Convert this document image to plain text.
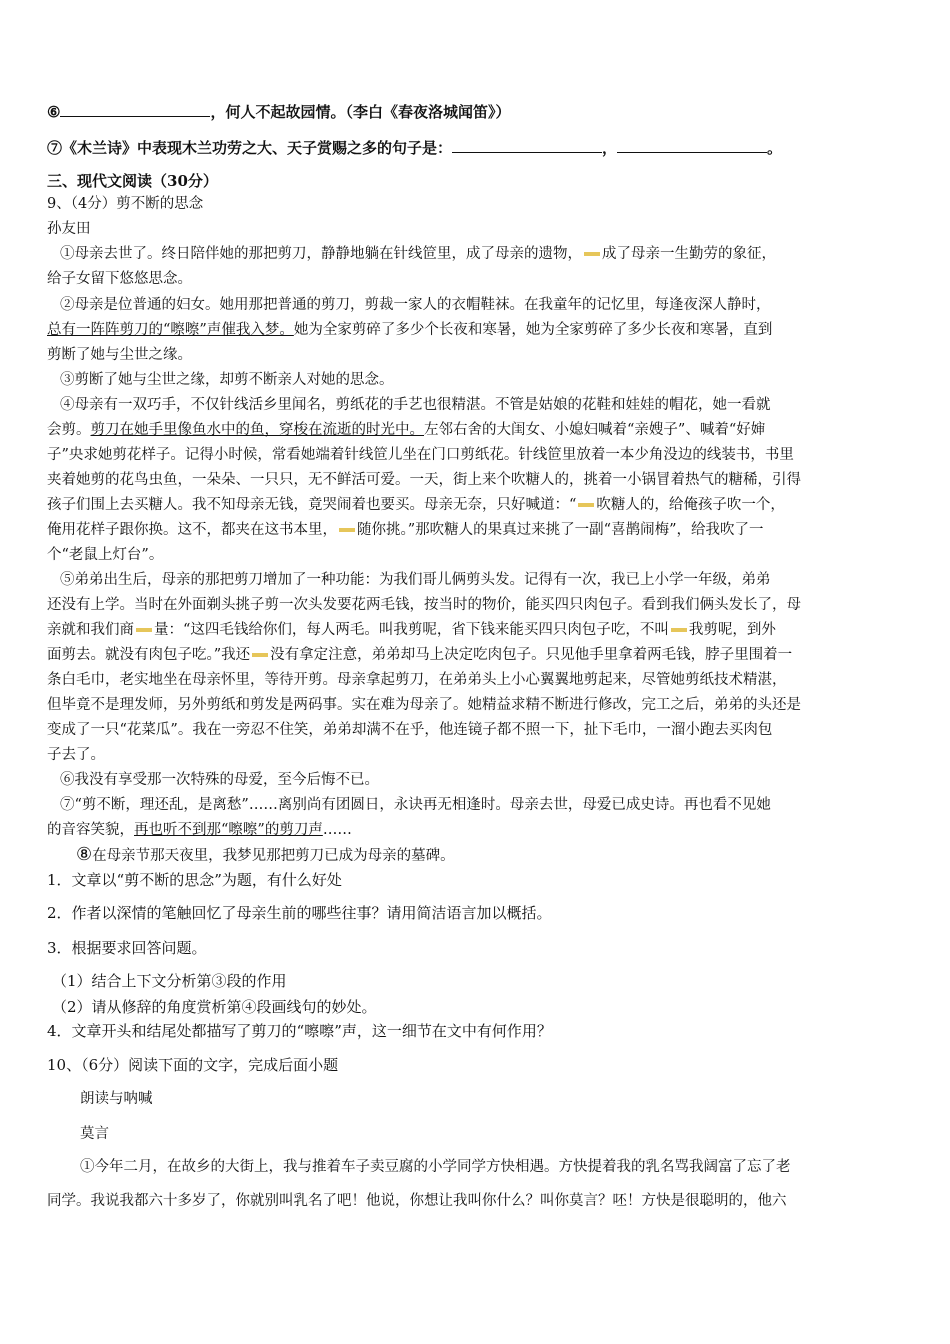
⑥	，何人不起故园情。（李白《春夜洛城闻笛》）
⑦《木兰诗》中表现木兰功劳之大、天子赏赐之多的句子是：	，	。
三、现代文阅读（30分）
9、（4分）剪不断的思念
孙友田
①母亲去世了。终日陪伴她的那把剪刀，静静地躺在针线笸里，成了母亲的遗物， 成了母亲一生勤劳的象征，
给子女留下悠悠思念。
②母亲是位普通的妇女。她用那把普通的剪刀，剪裁一家人的衣帽鞋袜。在我童年的记忆里，每逢夜深人静时，
总有一阵阵剪刀的“嚓嚓”声催我入梦。她为全家剪碎了多少个长夜和寒暑，她为全家剪碎了多少长夜和寒暑，直到
剪断了她与尘世之缘。
③剪断了她与尘世之缘，却剪不断亲人对她的思念。
④母亲有一双巧手，不仅针线活乡里闻名，剪纸花的手艺也很精湛。不管是姑娘的花鞋和娃娃的帽花，她一看就
会剪。剪刀在她手里像鱼水中的鱼，穿梭在流逝的时光中。左邻右舍的大闺女、小媳妇喊着“亲嫂子”、喊着“好婶
子”央求她剪花样子。记得小时候，常看她端着针线笸儿坐在门口剪纸花。针线笸里放着一本少角没边的线装书，书里
夹着她剪的花鸟虫鱼，一朵朵、一只只，无不鲜活可爱。一天，街上来个吹糖人的，挑着一小锅冒着热气的糖稀，引得
孩子们围上去买糖人。我不知母亲无钱，竟哭闹着也要买。母亲无奈，只好喊道：“ 吹糖人的，给俺孩子吹一个，
俺用花样子跟你换。这不，都夹在这书本里， 随你挑。”那吹糖人的果真过来挑了一副“喜鹊闹梅”，给我吹了一
个“老鼠上灯台”。
⑤弟弟出生后，母亲的那把剪刀增加了一种功能：为我们哥儿俩剪头发。记得有一次，我已上小学一年级，弟弟
还没有上学。当时在外面剃头挑子剪一次头发要花两毛钱，按当时的物价，能买四只肉包子。看到我们俩头发长了，母
亲就和我们商 量：“这四毛钱给你们，每人两毛。叫我剪呢，省下钱来能买四只肉包子吃，不叫 我剪呢，到外
面剪去。就没有肉包子吃。”我还 没有拿定注意，弟弟却马上决定吃肉包子。只见他手里拿着两毛钱，脖子里围着一
条白毛巾，老实地坐在母亲怀里，等待开剪。母亲拿起剪刀，在弟弟头上小心翼翼地剪起来，尽管她剪纸技术精湛，
但毕竟不是理发师，另外剪纸和剪发是两码事。实在难为母亲了。她精益求精不断进行修改，完工之后，弟弟的头还是
变成了一只“花菜瓜”。我在一旁忍不住笑，弟弟却满不在乎，他连镜子都不照一下，扯下毛巾，一溜小跑去买肉包
子去了。
⑥我没有享受那一次特殊的母爱，至今后悔不已。
⑦“剪不断，理还乱，是离愁”……离别尚有团圆日，永诀再无相逢时。母亲去世，母爱已成史诗。再也看不见她
的音容笑貌，再也听不到那“嚓嚓”的剪刀声……
⑧在母亲节那天夜里，我梦见那把剪刀已成为母亲的墓碑。
1．文章以“剪不断的思念”为题，有什么好处
2．作者以深情的笔触回忆了母亲生前的哪些往事？请用简洁语言加以概括。
3．根据要求回答问题。
（1）结合上下文分析第③段的作用
（2）请从修辞的角度赏析第④段画线句的妙处。
4．文章开头和结尾处都描写了剪刀的“嚓嚓”声，这一细节在文中有何作用？
10、（6分）阅读下面的文字，完成后面小题
朗读与呐喊
莫言
①今年二月，在故乡的大街上，我与推着车子卖豆腐的小学同学方快相遇。方快提着我的乳名骂我阔富了忘了老
同学。我说我都六十多岁了，你就别叫乳名了吧！他说，你想让我叫你什么？叫你莫言？呸！方快是很聪明的，他六
